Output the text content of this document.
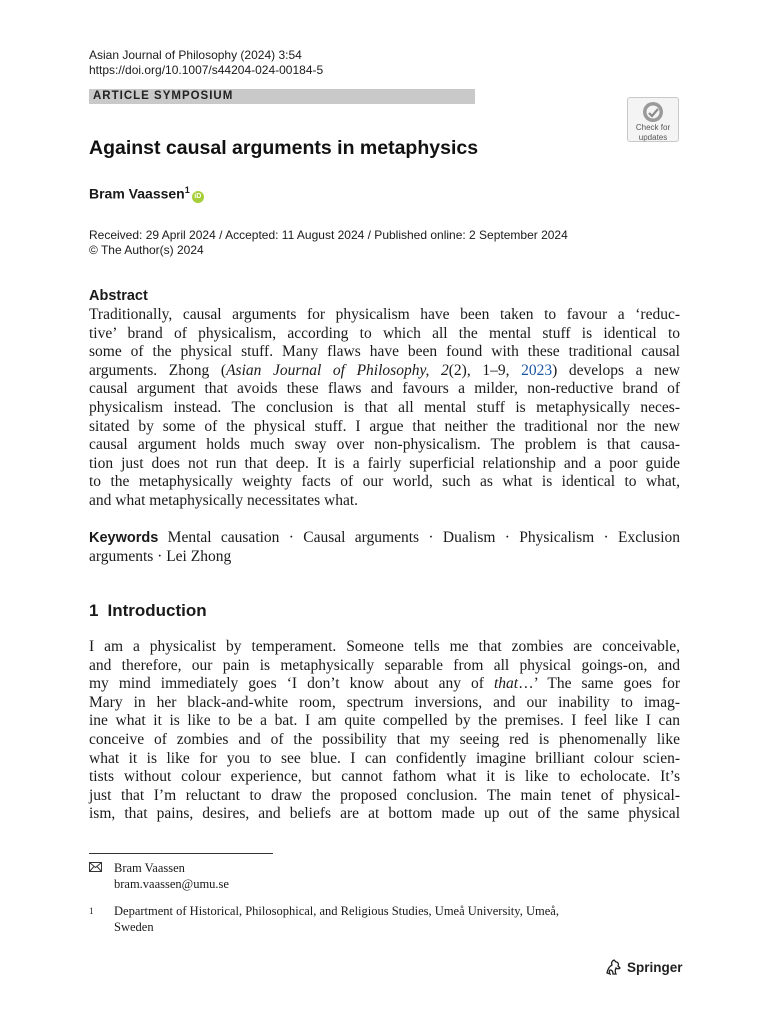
Asian Journal of Philosophy (2024) 3:54
https://doi.org/10.1007/s44204-024-00184-5
ARTICLE SYMPOSIUM
Check for
updates
Against causal arguments in metaphysics
Bram Vaassen$^1$iD
Received: 29 April 2024 / Accepted: 11 August 2024 / Published online: 2 September 2024
© The Author(s) 2024
Abstract
Traditionally, causal arguments for physicalism have been taken to favour a ‘reduc-
tive’ brand of physicalism, according to which all the mental stuff is identical to
some of the physical stuff. Many flaws have been found with these traditional causal
arguments. Zhong (Asian Journal of Philosophy, 2(2), 1–9, 2023) develops a new
causal argument that avoids these flaws and favours a milder, non-reductive brand of
physicalism instead. The conclusion is that all mental stuff is metaphysically neces-
sitated by some of the physical stuff. I argue that neither the traditional nor the new
causal argument holds much sway over non-physicalism. The problem is that causa-
tion just does not run that deep. It is a fairly superficial relationship and a poor guide
to the metaphysically weighty facts of our world, such as what is identical to what,
and what metaphysically necessitates what.
Keywords Mental causation · Causal arguments · Dualism · Physicalism · Exclusion
arguments · Lei Zhong
1 Introduction
I am a physicalist by temperament. Someone tells me that zombies are conceivable,
and therefore, our pain is metaphysically separable from all physical goings-on, and
my mind immediately goes ‘I don’t know about any of that…’ The same goes for
Mary in her black-and-white room, spectrum inversions, and our inability to imag-
ine what it is like to be a bat. I am quite compelled by the premises. I feel like I can
conceive of zombies and of the possibility that my seeing red is phenomenally like
what it is like for you to see blue. I can confidently imagine brilliant colour scien-
tists without colour experience, but cannot fathom what it is like to echolocate. It’s
just that I’m reluctant to draw the proposed conclusion. The main tenet of physical-
ism, that pains, desires, and beliefs are at bottom made up out of the same physical
Bram Vaassen
bram.vaassen@umu.se
1	Department of Historical, Philosophical, and Religious Studies, Umeå University, Umeå,
Sweden
Springer
